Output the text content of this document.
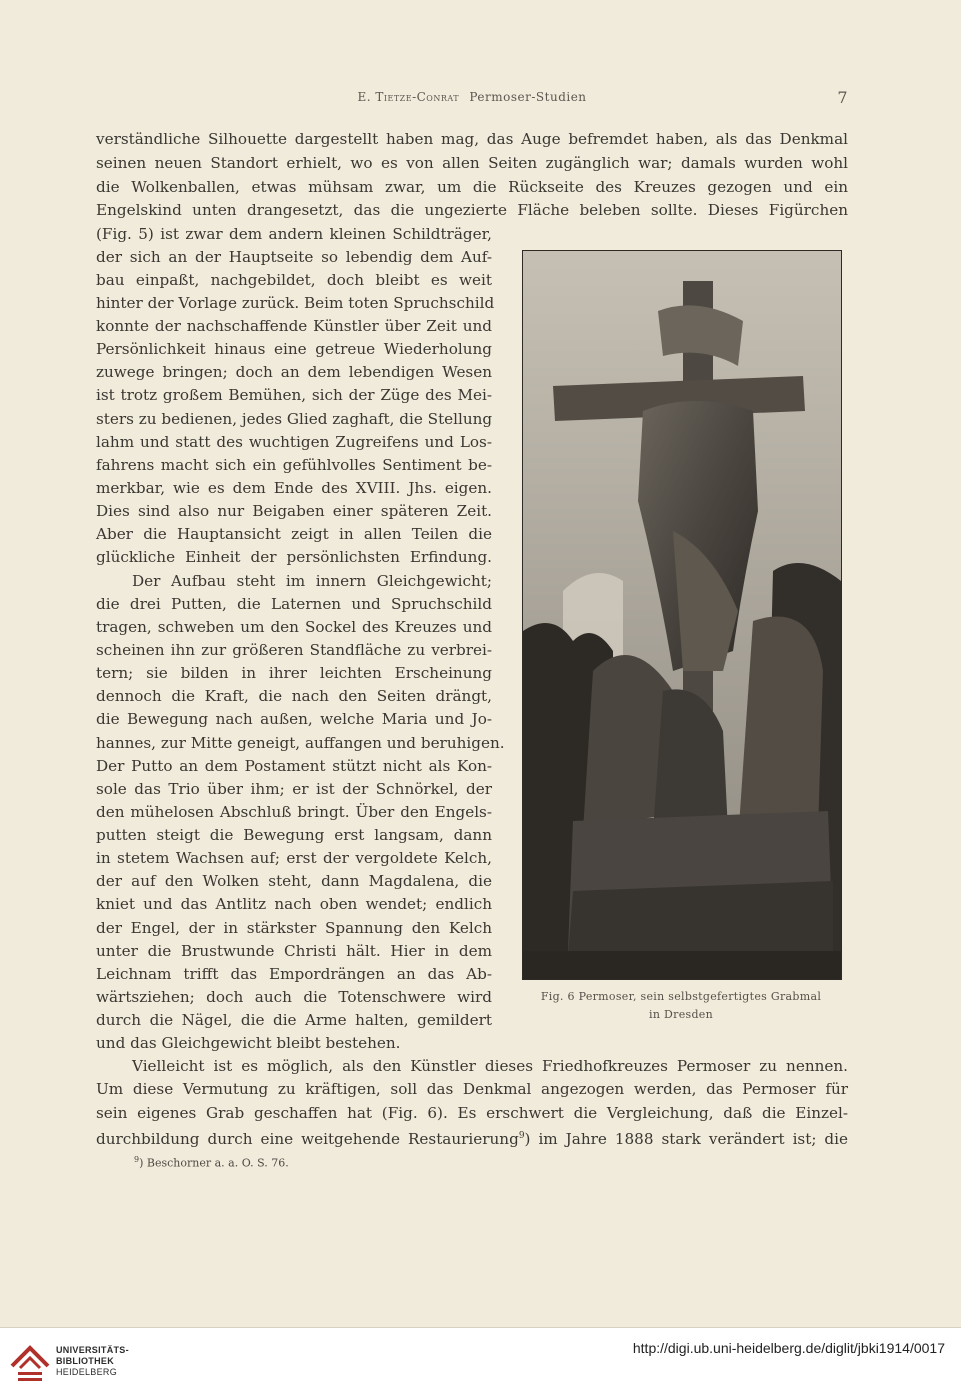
E. Tietze-Conrat Permoser-Studien	7
verständliche Silhouette dargestellt haben mag, das Auge befremdet haben, als das Denkmal
seinen neuen Standort erhielt, wo es von allen Seiten zugänglich war; damals wurden wohl
die Wolkenballen, etwas mühsam zwar, um die Rückseite des Kreuzes gezogen und ein
Engelskind unten drangesetzt, das die ungezierte Fläche beleben sollte. Dieses Figürchen
(Fig. 5) ist zwar dem andern kleinen Schildträger,
der sich an der Hauptseite so lebendig dem Auf-
bau einpaßt, nachgebildet, doch bleibt es weit
hinter der Vorlage zurück. Beim toten Spruchschild
konnte der nachschaffende Künstler über Zeit und
Persönlichkeit hinaus eine getreue Wiederholung
zuwege bringen; doch an dem lebendigen Wesen
ist trotz großem Bemühen, sich der Züge des Mei-
sters zu bedienen, jedes Glied zaghaft, die Stellung
lahm und statt des wuchtigen Zugreifens und Los-
fahrens macht sich ein gefühlvolles Sentiment be-
merkbar, wie es dem Ende des XVIII. Jhs. eigen.
Dies sind also nur Beigaben einer späteren Zeit.
Aber die Hauptansicht zeigt in allen Teilen die
glückliche Einheit der persönlichsten Erfindung.
Der Aufbau steht im innern Gleichgewicht;
die drei Putten, die Laternen und Spruchschild
tragen, schweben um den Sockel des Kreuzes und
scheinen ihn zur größeren Standfläche zu verbrei-
tern; sie bilden in ihrer leichten Erscheinung
dennoch die Kraft, die nach den Seiten drängt,
die Bewegung nach außen, welche Maria und Jo-
hannes, zur Mitte geneigt, auffangen und beruhigen.
Der Putto an dem Postament stützt nicht als Kon-
sole das Trio über ihm; er ist der Schnörkel, der
den mühelosen Abschluß bringt. Über den Engels-
putten steigt die Bewegung erst langsam, dann
in stetem Wachsen auf; erst der vergoldete Kelch,
der auf den Wolken steht, dann Magdalena, die
kniet und das Antlitz nach oben wendet; endlich
der Engel, der in stärkster Spannung den Kelch
unter die Brustwunde Christi hält. Hier in dem
Leichnam trifft das Empordrängen an das Ab-
wärtsziehen; doch auch die Totenschwere wird
durch die Nägel, die die Arme halten, gemildert
und das Gleichgewicht bleibt bestehen.
Vielleicht ist es möglich, als den Künstler dieses Friedhofkreuzes Permoser zu nennen.
Um diese Vermutung zu kräftigen, soll das Denkmal angezogen werden, das Permoser für
sein eigenes Grab geschaffen hat (Fig. 6). Es erschwert die Vergleichung, daß die Einzel-
durchbildung durch eine weitgehende Restaurierung$^9$) im Jahre 1888 stark verändert ist; die
Fig. 6 Permoser, sein selbstgefertigtes Grabmal
in Dresden
$^9$) Beschorner a. a. O. S. 76.
UNIVERSITÄTS-
BIBLIOTHEK
HEIDELBERG
http://digi.ub.uni-heidelberg.de/diglit/jbki1914/0017
